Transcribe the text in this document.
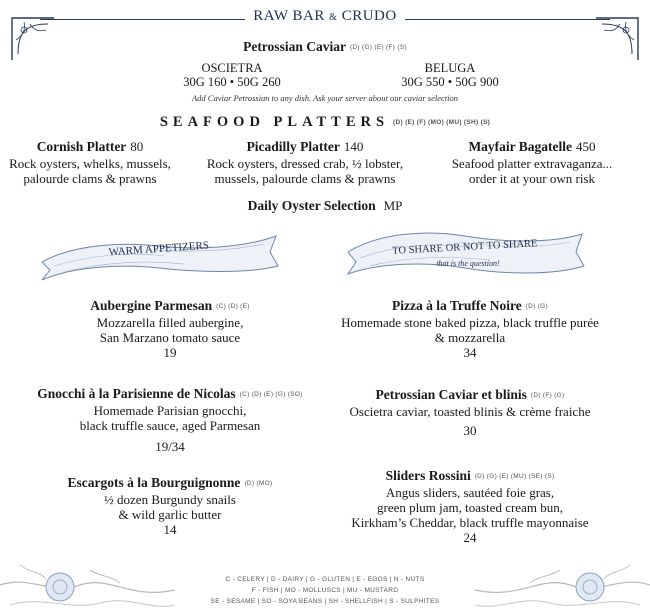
RAW BAR & CRUDO
Petrossian Caviar (D) (G) (E) (F) (S)
OSCIETRA
30G 160 • 50G 260
BELUGA
30G 550 • 50G 900
Add Caviar Petrossian to any dish. Ask your server about our caviar selection
SEAFOOD PLATTERS (D) (E) (F) (MO) (MU) (SH) (S)
Cornish Platter 80
Rock oysters, whelks, mussels,
palourde clams & prawns
Picadilly Platter 140
Rock oysters, dressed crab, ½ lobster,
mussels, palourde clams & prawns
Mayfair Bagatelle 450
Seafood platter extravaganza...
order it at your own risk
Daily Oyster Selection MP
WARM APPETIZERS	TO SHARE OR NOT TO SHARE
that is the question!
Aubergine Parmesan (C) (D) (E)
Mozzarella filled aubergine,
San Marzano tomato sauce
19
Gnocchi à la Parisienne de Nicolas (C) (D) (E) (G) (SO)
Homemade Parisian gnocchi,
black truffle sauce, aged Parmesan
19/34
Escargots à la Bourguignonne (D) (MO)
½ dozen Burgundy snails
& wild garlic butter
14
Pizza à la Truffe Noire (D) (G)
Homemade stone baked pizza, black truffle purée
& mozzarella
34
Petrossian Caviar et blinis (D) (F) (G)
Oscietra caviar, toasted blinis & crème fraiche
30
Sliders Rossini (D) (G) (E) (MU) (SE) (S)
Angus sliders, sautéed foie gras,
green plum jam, toasted cream bun,
Kirkham’s Cheddar, black truffle mayonnaise
24
C - CELERY | D - DAIRY | G - GLUTEN | E - EGGS | N - NUTS
F - FISH | MO - MOLLUSCS | MU - MUSTARD
SE - SESAME | SO - SOYA BEANS | SH - SHELLFISH | S - SULPHITES
